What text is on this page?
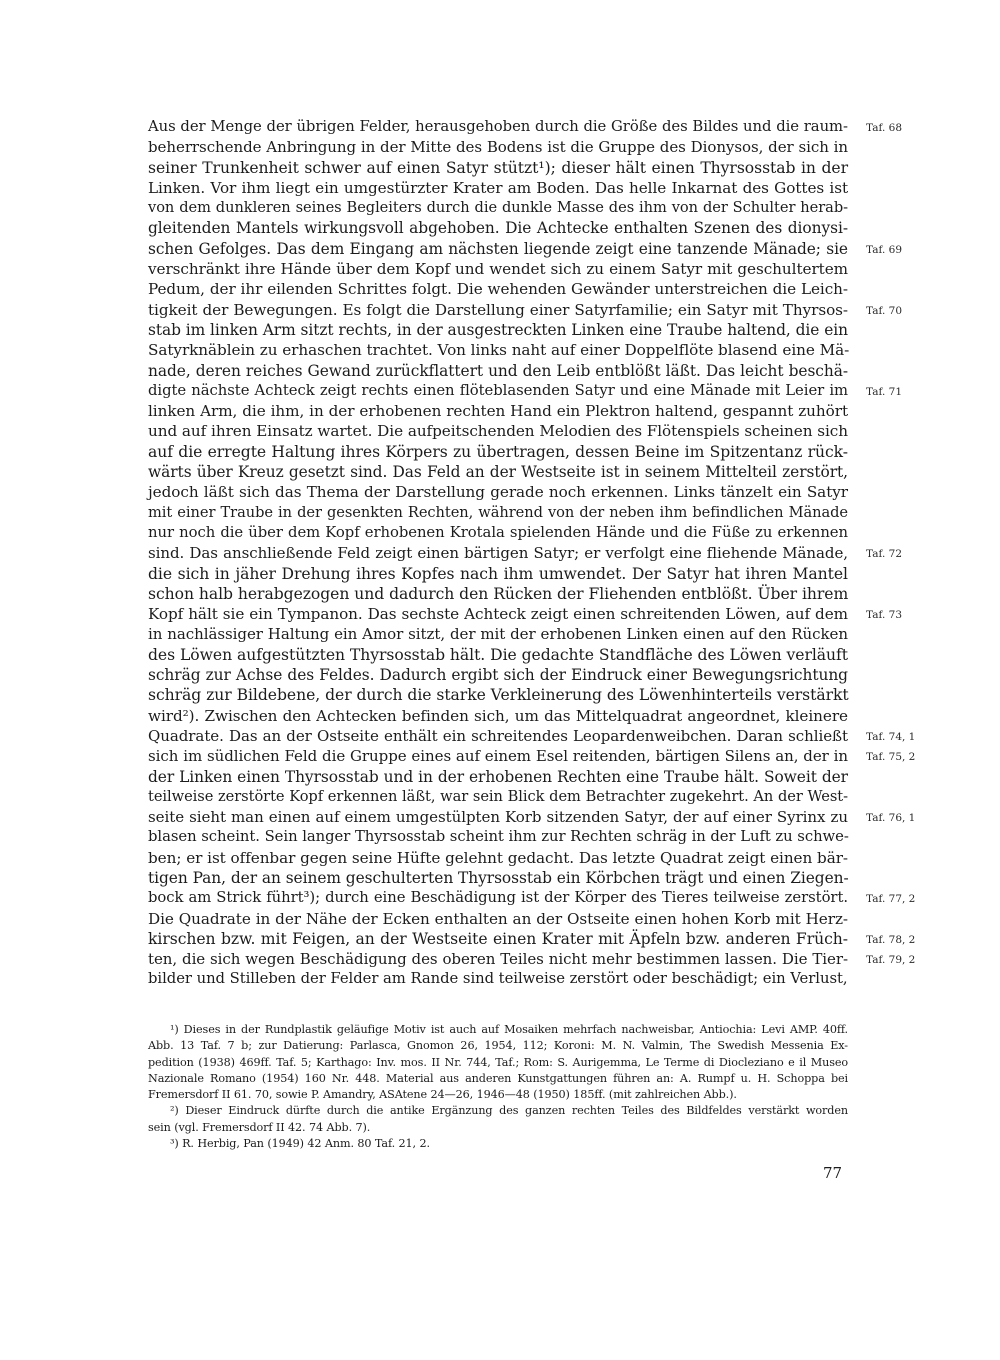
Aus der Menge der übrigen Felder, herausgehoben durch die Größe des Bildes und die raum-
beherrschende Anbringung in der Mitte des Bodens ist die Gruppe des Dionysos, der sich in
seiner Trunkenheit schwer auf einen Satyr stützt¹); dieser hält einen Thyrsosstab in der
Linken. Vor ihm liegt ein umgestürzter Krater am Boden. Das helle Inkarnat des Gottes ist
von dem dunkleren seines Begleiters durch die dunkle Masse des ihm von der Schulter herab-
gleitenden Mantels wirkungsvoll abgehoben. Die Achtecke enthalten Szenen des dionysi-
schen Gefolges. Das dem Eingang am nächsten liegende zeigt eine tanzende Mänade; sie
verschränkt ihre Hände über dem Kopf und wendet sich zu einem Satyr mit geschultertem
Pedum, der ihr eilenden Schrittes folgt. Die wehenden Gewänder unterstreichen die Leich-
tigkeit der Bewegungen. Es folgt die Darstellung einer Satyrfamilie; ein Satyr mit Thyrsos-
stab im linken Arm sitzt rechts, in der ausgestreckten Linken eine Traube haltend, die ein
Satyrknäblein zu erhaschen trachtet. Von links naht auf einer Doppelflöte blasend eine Mä-
nade, deren reiches Gewand zurückflattert und den Leib entblößt läßt. Das leicht beschä-
digte nächste Achteck zeigt rechts einen flöteblasenden Satyr und eine Mänade mit Leier im
linken Arm, die ihm, in der erhobenen rechten Hand ein Plektron haltend, gespannt zuhört
und auf ihren Einsatz wartet. Die aufpeitschenden Melodien des Flötenspiels scheinen sich
auf die erregte Haltung ihres Körpers zu übertragen, dessen Beine im Spitzentanz rück-
wärts über Kreuz gesetzt sind. Das Feld an der Westseite ist in seinem Mittelteil zerstört,
jedoch läßt sich das Thema der Darstellung gerade noch erkennen. Links tänzelt ein Satyr
mit einer Traube in der gesenkten Rechten, während von der neben ihm befindlichen Mänade
nur noch die über dem Kopf erhobenen Krotala spielenden Hände und die Füße zu erkennen
sind. Das anschließende Feld zeigt einen bärtigen Satyr; er verfolgt eine fliehende Mänade,
die sich in jäher Drehung ihres Kopfes nach ihm umwendet. Der Satyr hat ihren Mantel
schon halb herabgezogen und dadurch den Rücken der Fliehenden entblößt. Über ihrem
Kopf hält sie ein Tympanon. Das sechste Achteck zeigt einen schreitenden Löwen, auf dem
in nachlässiger Haltung ein Amor sitzt, der mit der erhobenen Linken einen auf den Rücken
des Löwen aufgestützten Thyrsosstab hält. Die gedachte Standfläche des Löwen verläuft
schräg zur Achse des Feldes. Dadurch ergibt sich der Eindruck einer Bewegungsrichtung
schräg zur Bildebene, der durch die starke Verkleinerung des Löwenhinterteils verstärkt
wird²). Zwischen den Achtecken befinden sich, um das Mittelquadrat angeordnet, kleinere
Quadrate. Das an der Ostseite enthält ein schreitendes Leopardenweibchen. Daran schließt
sich im südlichen Feld die Gruppe eines auf einem Esel reitenden, bärtigen Silens an, der in
der Linken einen Thyrsosstab und in der erhobenen Rechten eine Traube hält. Soweit der
teilweise zerstörte Kopf erkennen läßt, war sein Blick dem Betrachter zugekehrt. An der West-
seite sieht man einen auf einem umgestülpten Korb sitzenden Satyr, der auf einer Syrinx zu
blasen scheint. Sein langer Thyrsosstab scheint ihm zur Rechten schräg in der Luft zu schwe-
ben; er ist offenbar gegen seine Hüfte gelehnt gedacht. Das letzte Quadrat zeigt einen bär-
tigen Pan, der an seinem geschulterten Thyrsosstab ein Körbchen trägt und einen Ziegen-
bock am Strick führt³); durch eine Beschädigung ist der Körper des Tieres teilweise zerstört.
Die Quadrate in der Nähe der Ecken enthalten an der Ostseite einen hohen Korb mit Herz-
kirschen bzw. mit Feigen, an der Westseite einen Krater mit Äpfeln bzw. anderen Früch-
ten, die sich wegen Beschädigung des oberen Teiles nicht mehr bestimmen lassen. Die Tier-
bilder und Stilleben der Felder am Rande sind teilweise zerstört oder beschädigt; ein Verlust,
Taf. 68
Taf. 69
Taf. 70
Taf. 71
Taf. 72
Taf. 73
Taf. 74, 1
Taf. 75, 2
Taf. 76, 1
Taf. 77, 2
Taf. 78, 2
Taf. 79, 2
¹) Dieses in der Rundplastik geläufige Motiv ist auch auf Mosaiken mehrfach nachweisbar, Antiochia: Levi AMP. 40ff.
Abb. 13 Taf. 7 b; zur Datierung: Parlasca, Gnomon 26, 1954, 112; Koroni: M. N. Valmin, The Swedish Messenia Ex-
pedition (1938) 469ff. Taf. 5; Karthago: Inv. mos. II Nr. 744, Taf.; Rom: S. Aurigemma, Le Terme di Diocleziano e il Museo
Nazionale Romano (1954) 160 Nr. 448. Material aus anderen Kunstgattungen führen an: A. Rumpf u. H. Schoppa bei
Fremersdorf II 61. 70, sowie P. Amandry, ASAtene 24—26, 1946—48 (1950) 185ff. (mit zahlreichen Abb.).
²) Dieser Eindruck dürfte durch die antike Ergänzung des ganzen rechten Teiles des Bildfeldes verstärkt worden
sein (vgl. Fremersdorf II 42. 74 Abb. 7).
³) R. Herbig, Pan (1949) 42 Anm. 80 Taf. 21, 2.
77
